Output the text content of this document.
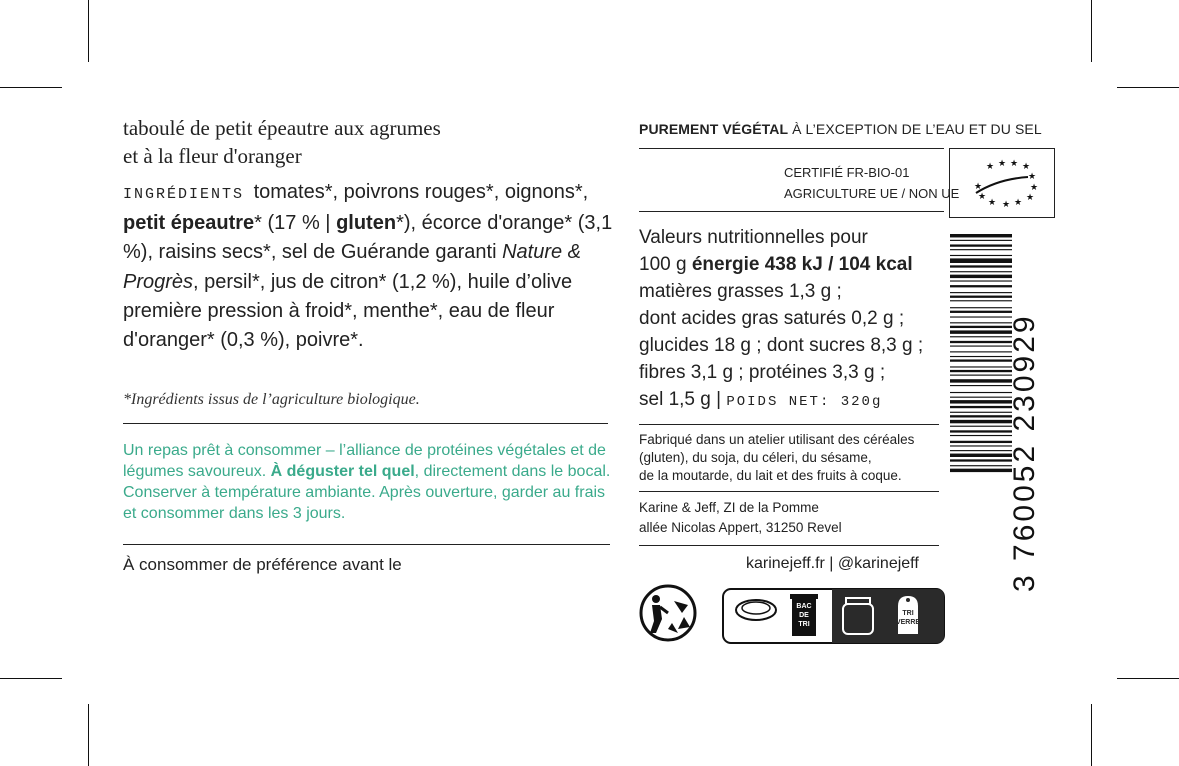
taboulé de petit épeautre aux agrumes
et à la fleur d'oranger
INGRÉDIENTS tomates*, poivrons rouges*, oignons*, petit épeautre* (17 % | gluten*), écorce d'orange* (3,1 %), raisins secs*, sel de Guérande garanti Nature & Progrès, persil*, jus de citron* (1,2 %), huile d’olive première pression à froid*, menthe*, eau de fleur d'oranger* (0,3 %), poivre*.
*Ingrédients issus de l’agriculture biologique.
Un repas prêt à consommer – l’alliance de protéines végétales et de légumes savoureux. À déguster tel quel, directement dans le bocal. Conserver à température ambiante. Après ouverture, garder au frais et consommer dans les 3 jours.
À consommer de préférence avant le
PUREMENT VÉGÉTAL À L’EXCEPTION DE L’EAU ET DU SEL
CERTIFIÉ FR-BIO-01
AGRICULTURE UE / NON UE
★ ★ ★ ★
★
★
★
★
★
★ ★ ★
Valeurs nutritionnelles pour
100 g énergie 438 kJ / 104 kcal
matières grasses 1,3 g ;
dont acides gras saturés 0,2 g ;
glucides 18 g ; dont sucres 8,3 g ;
fibres 3,1 g ; protéines 3,3 g ;
sel 1,5 g | POIDS NET: 320g
Fabriqué dans un atelier utilisant des céréales
(gluten), du soja, du céleri, du sésame,
de la moutarde, du lait et des fruits à coque.
Karine & Jeff, ZI de la Pomme
allée Nicolas Appert, 31250 Revel
karinejeff.fr | @karinejeff
BAC
DE
TRI
TRI
VERRE
3 760052 230929
